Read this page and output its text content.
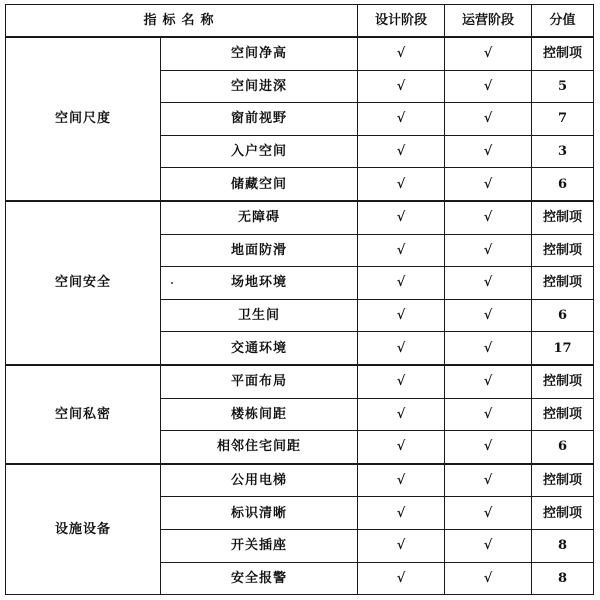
指标名称		设计阶段	运营阶段	分值
空间尺度	空间净高	√	√	控制项
	空间进深	√	√	5
	窗前视野	√	√	7
	入户空间	√	√	3
	储藏空间	√	√	6
空间安全	无障碍	√	√	控制项
	地面防滑	√	√	控制项
	场地环境	√	√	控制项
	卫生间	√	√	6
	交通环境	√	√	17
空间私密	平面布局	√	√	控制项
	楼栋间距	√	√	控制项
	相邻住宅间距	√	√	6
设施设备	公用电梯	√	√	控制项
	标识清晰	√	√	控制项
	开关插座	√	√	8
	安全报警	√	√	8
